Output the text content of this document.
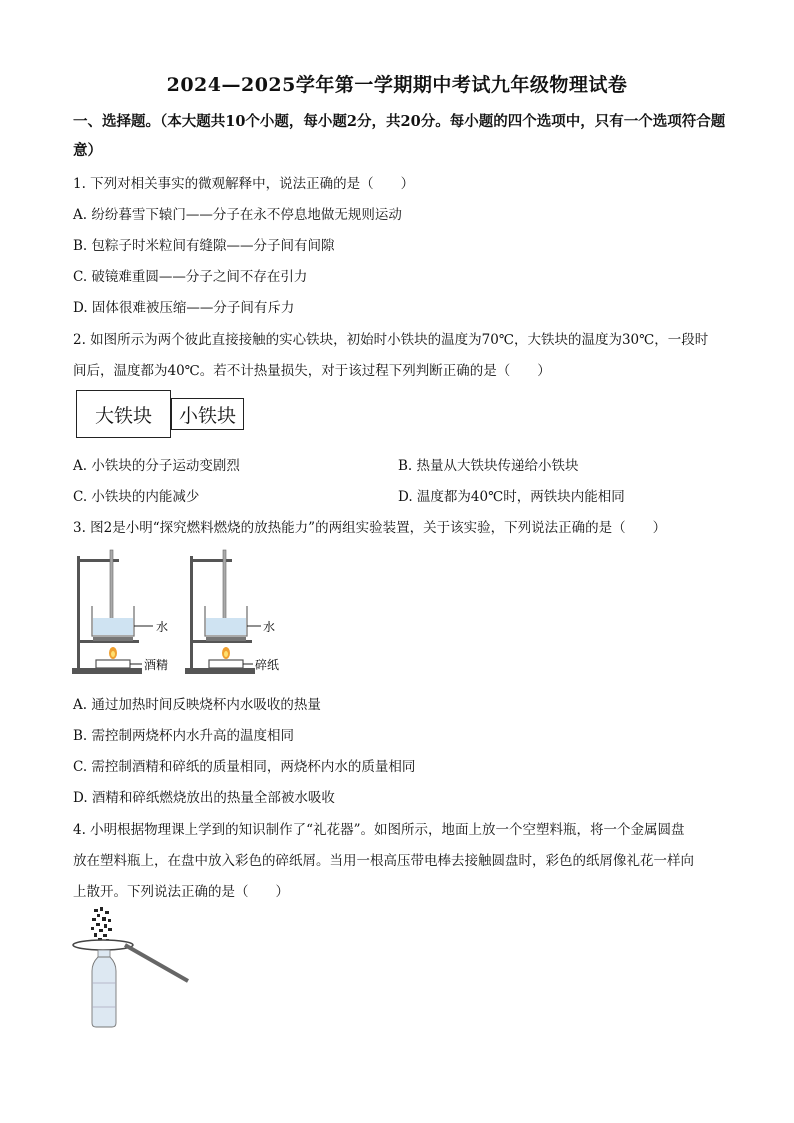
2024—2025学年第一学期期中考试九年级物理试卷
一、选择题。（本大题共10个小题，每小题2分，共20分。每小题的四个选项中，只有一个选项符合题意）
1. 下列对相关事实的微观解释中，说法正确的是（　　）
A. 纷纷暮雪下辕门——分子在永不停息地做无规则运动
B. 包粽子时米粒间有缝隙——分子间有间隙
C. 破镜难重圆——分子之间不存在引力
D. 固体很难被压缩——分子间有斥力
2. 如图所示为两个彼此直接接触的实心铁块，初始时小铁块的温度为70℃，大铁块的温度为30℃，一段时
间后，温度都为40℃。若不计热量损失，对于该过程下列判断正确的是（　　）
大铁块 小铁块
A. 小铁块的分子运动变剧烈	B. 热量从大铁块传递给小铁块
C. 小铁块的内能减少	D. 温度都为40℃时，两铁块内能相同
3. 图2是小明“探究燃料燃烧的放热能力”的两组实验装置，关于该实验，下列说法正确的是（　　）
水
酒精
水
碎纸
A. 通过加热时间反映烧杯内水吸收的热量
B. 需控制两烧杯内水升高的温度相同
C. 需控制酒精和碎纸的质量相同，两烧杯内水的质量相同
D. 酒精和碎纸燃烧放出的热量全部被水吸收
4. 小明根据物理课上学到的知识制作了“礼花器”。如图所示，地面上放一个空塑料瓶，将一个金属圆盘
放在塑料瓶上，在盘中放入彩色的碎纸屑。当用一根高压带电棒去接触圆盘时，彩色的纸屑像礼花一样向
上散开。下列说法正确的是（　　）
